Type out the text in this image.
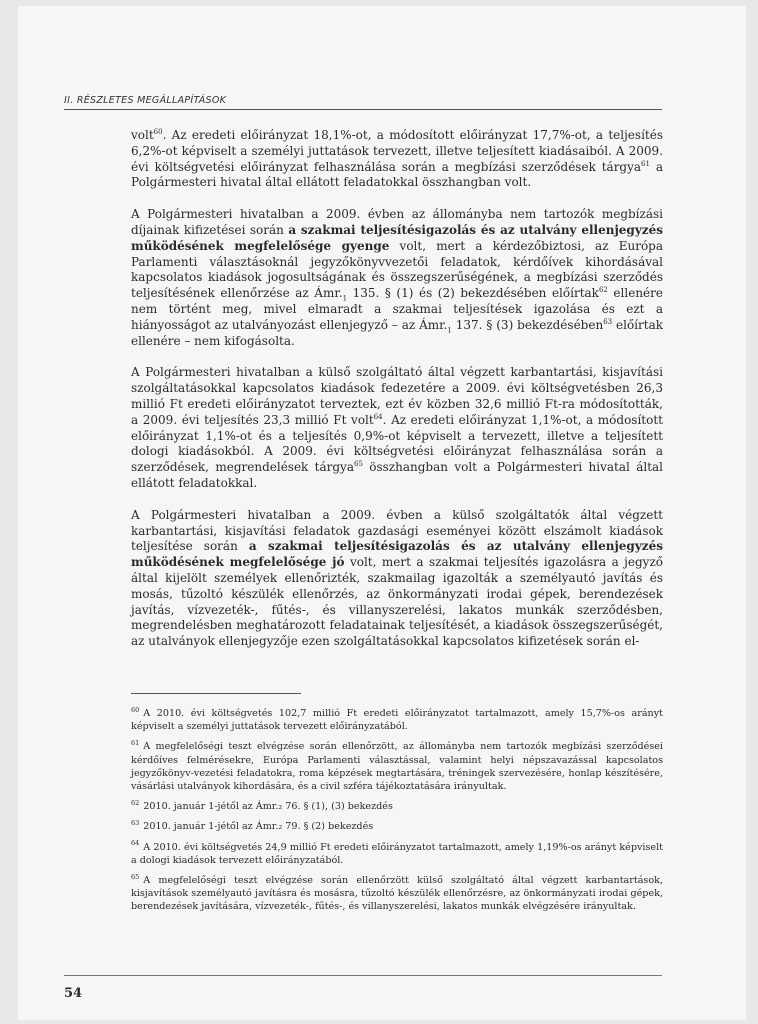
II. RÉSZLETES MEGÁLLAPÍTÁSOK

volt$^{60}$. Az eredeti előirányzat 18,1%-ot, a módosított előirányzat 17,7%-ot, a teljesítés 6,2%-ot képviselt a személyi juttatások tervezett, illetve teljesített kiadásaiból. A 2009. évi költségvetési előirányzat felhasználása során a megbízási szerződések tárgya$^{61}$ a Polgármesteri hivatal által ellátott feladatokkal összhangban volt.

A Polgármesteri hivatalban a 2009. évben az állományba nem tartozók megbízási díjainak kifizetései során a szakmai teljesítésigazolás és az utalvány ellenjegyzés működésének megfelelősége gyenge volt, mert a kérdezőbiztosi, az Európa Parlamenti választásoknál jegyzőkönyvvezetői feladatok, kérdőívek kihordásával kapcsolatos kiadások jogosultságának és összegszerűségének, a megbízási szerződés teljesítésének ellenőrzése az $Ámr._1$ 135. § (1) és (2) bekezdésében előírtak$^{62}$ ellenére nem történt meg, mivel elmaradt a szakmai teljesítések igazolása és ezt a hiányosságot az utalványozást ellenjegyző – az $Ámr._1$ 137. § (3) bekezdésében$^{63}$ előírtak ellenére – nem kifogásolta.

A Polgármesteri hivatalban a külső szolgáltató által végzett karbantartási, kisjavítási szolgáltatásokkal kapcsolatos kiadások fedezetére a 2009. évi költségvetésben 26,3 millió Ft eredeti előirányzatot terveztek, ezt év közben 32,6 millió Ft-ra módosították, a 2009. évi teljesítés 23,3 millió Ft volt$^{64}$. Az eredeti előirányzat 1,1%-ot, a módosított előirányzat 1,1%-ot és a teljesítés 0,9%-ot képviselt a tervezett, illetve a teljesített dologi kiadásokból. A 2009. évi költségvetési előirányzat felhasználása során a szerződések, megrendelések tárgya$^{65}$ összhangban volt a Polgármesteri hivatal által ellátott feladatokkal.

A Polgármesteri hivatalban a 2009. évben a külső szolgáltatók által végzett karbantartási, kisjavítási feladatok gazdasági eseményei között elszámolt kiadások teljesítése során a szakmai teljesítésigazolás és az utalvány ellenjegyzés működésének megfelelősége jó volt, mert a szakmai teljesítés igazolásra a jegyző által kijelölt személyek ellenőrizték, szakmailag igazolták a személyautó javítás és mosás, tűzoltó készülék ellenőrzés, az önkormányzati irodai gépek, berendezések javítás, vízvezeték-, fűtés-, és villanyszerelési, lakatos munkák szerződésben, megrendelésben meghatározott feladatainak teljesítését, a kiadások összegszerűségét, az utalványok ellenjegyzője ezen szolgáltatásokkal kapcsolatos kifizetések során el-

$^{60}$ A 2010. évi költségvetés 102,7 millió Ft eredeti előirányzatot tartalmazott, amely 15,7%-os arányt képviselt a személyi juttatások tervezett előirányzatából.

$^{61}$ A megfelelőségi teszt elvégzése során ellenőrzött, az állományba nem tartozók megbízási szerződései kérdőíves felmérésekre, Európa Parlamenti választással, valamint helyi népszavazással kapcsolatos jegyzőkönyv-vezetési feladatokra, roma képzések megtartására, tréningek szervezésére, honlap készítésére, vásárlási utalványok kihordására, és a civil szféra tájékoztatására irányultak.

$^{62}$ 2010. január 1-jétől az Ámr.₂ 76. § (1), (3) bekezdés

$^{63}$ 2010. január 1-jétől az Ámr.₂ 79. § (2) bekezdés

$^{64}$ A 2010. évi költségvetés 24,9 millió Ft eredeti előirányzatot tartalmazott, amely 1,19%-os arányt képviselt a dologi kiadások tervezett előirányzatából.

$^{65}$ A megfelelőségi teszt elvégzése során ellenőrzött külső szolgáltató által végzett karbantartások, kisjavítások személyautó javításra és mosásra, tűzoltó készülék ellenőrzésre, az önkormányzati irodai gépek, berendezések javítására, vízvezeték-, fűtés-, és villanyszerelési, lakatos munkák elvégzésére irányultak.

54
